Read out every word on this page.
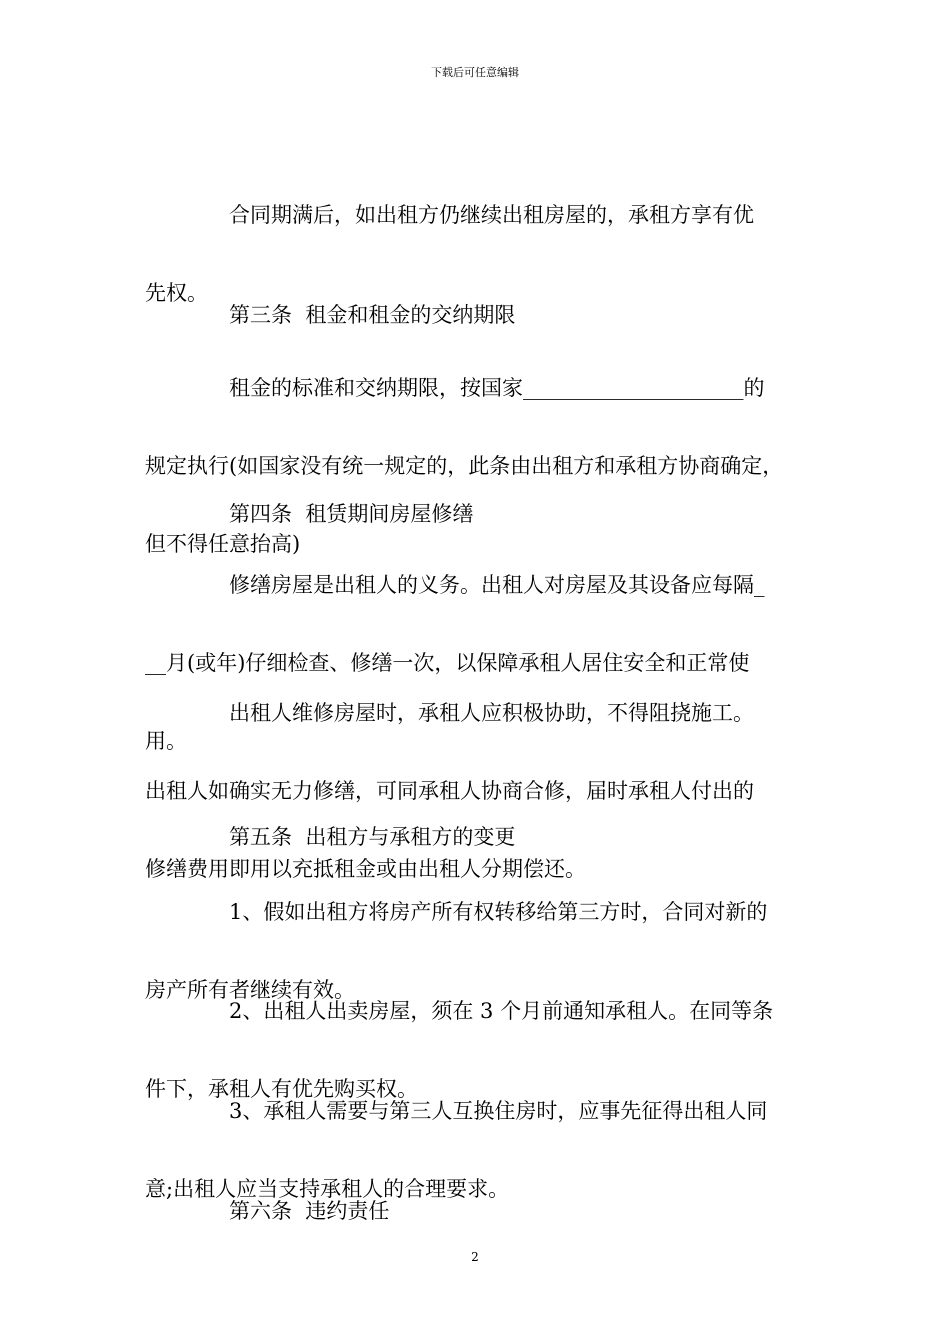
下载后可任意编辑

合同期满后，如出租方仍继续出租房屋的，承租方享有优

先权。

第三条  租金和租金的交纳期限

租金的标准和交纳期限，按国家_____________________的

规定执行(如国家没有统一规定的，此条由出租方和承租方协商确定，

但不得任意抬高)

第四条  租赁期间房屋修缮

修缮房屋是出租人的义务。出租人对房屋及其设备应每隔_

__月(或年)仔细检查、修缮一次，以保障承租人居住安全和正常使

用。

出租人维修房屋时，承租人应积极协助，不得阻挠施工。

出租人如确实无力修缮，可同承租人协商合修，届时承租人付出的

修缮费用即用以充抵租金或由出租人分期偿还。

第五条  出租方与承租方的变更

1、假如出租方将房产所有权转移给第三方时，合同对新的

房产所有者继续有效。

2、出租人出卖房屋，须在 3 个月前通知承租人。在同等条

件下，承租人有优先购买权。

3、承租人需要与第三人互换住房时，应事先征得出租人同

意;出租人应当支持承租人的合理要求。

第六条  违约责任

2
